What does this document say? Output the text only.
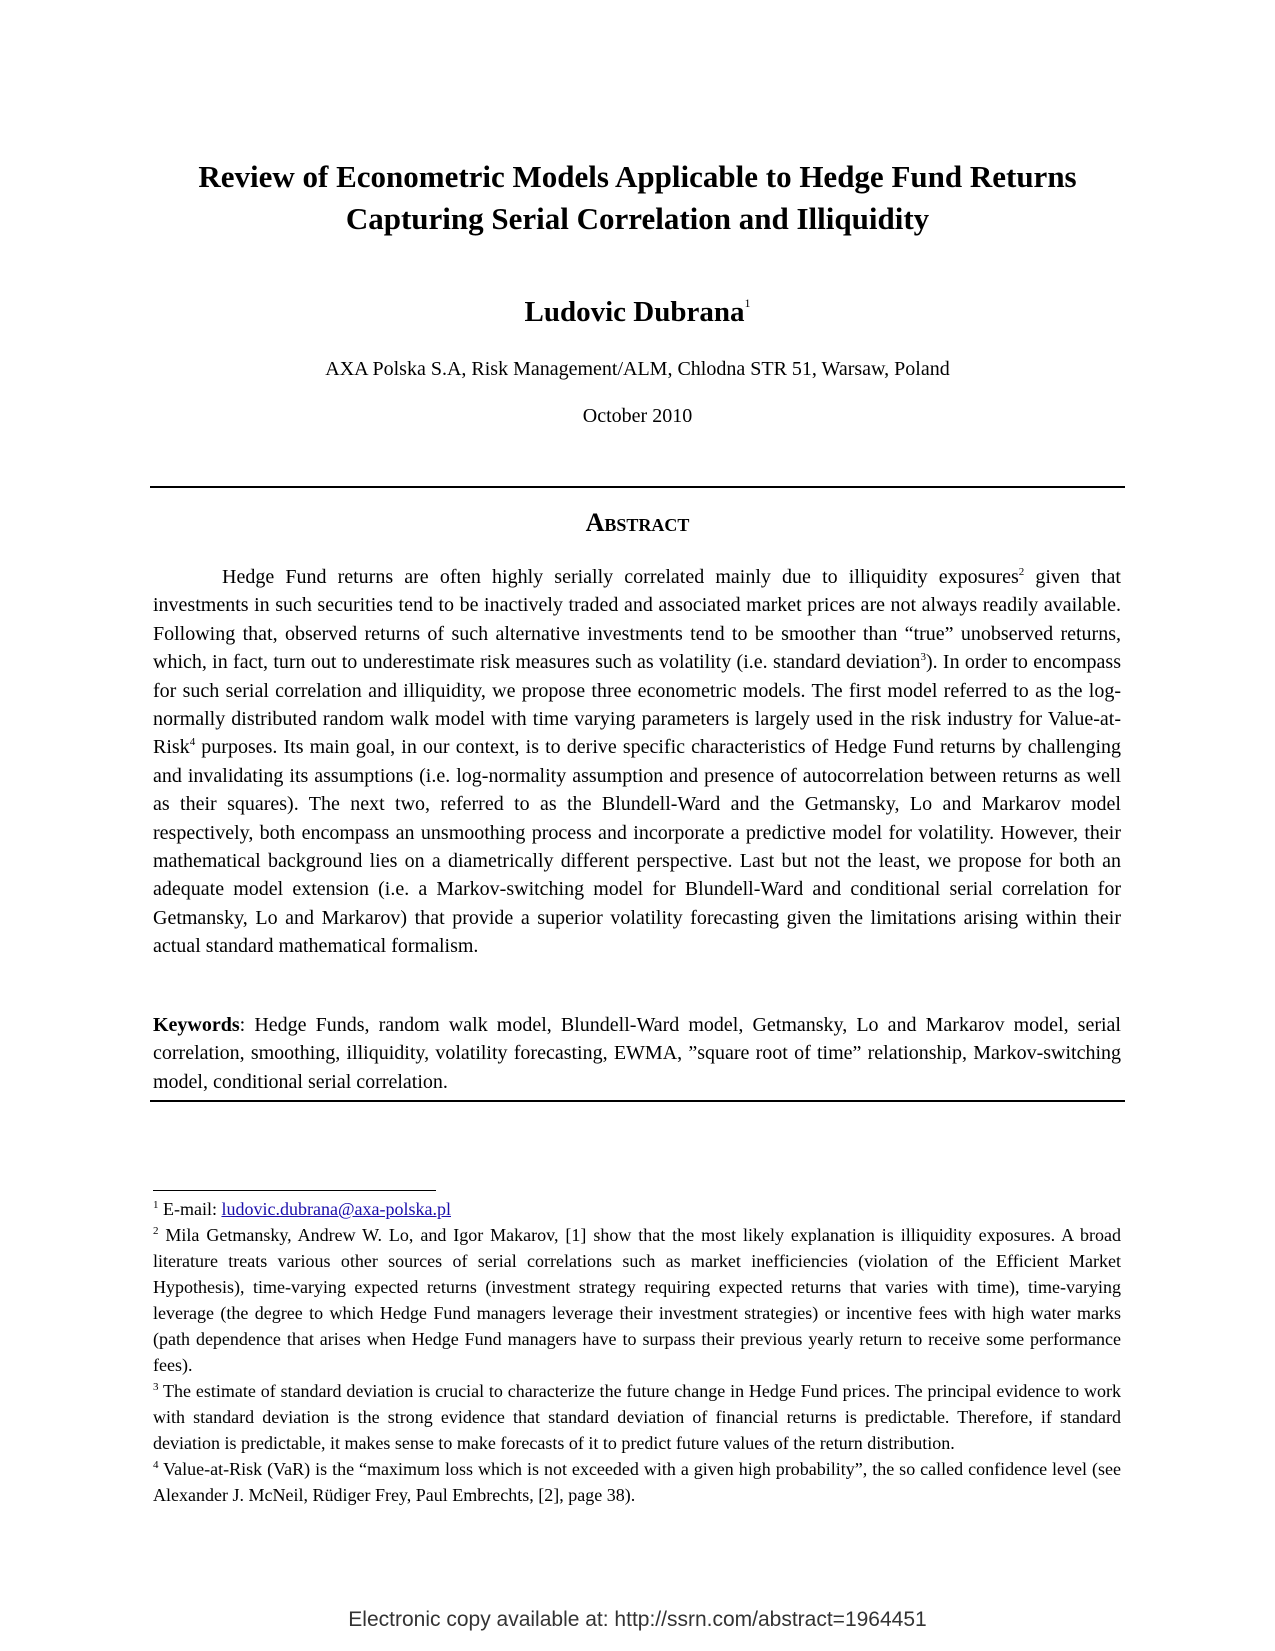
Review of Econometric Models Applicable to Hedge Fund Returns
Capturing Serial Correlation and Illiquidity
Ludovic Dubrana$^1$
AXA Polska S.A, Risk Management/ALM, Chlodna STR 51, Warsaw, Poland
October 2010
Abstract

Hedge Fund returns are often highly serially correlated mainly due to illiquidity exposures$^2$ given that investments in such securities tend to be inactively traded and associated market prices are not always readily available. Following that, observed returns of such alternative investments tend to be smoother than “true” unobserved returns, which, in fact, turn out to underestimate risk measures such as volatility (i.e. standard deviation$^3$). In order to encompass for such serial correlation and illiquidity, we propose three econometric models. The first model referred to as the log-normally distributed random walk model with time varying parameters is largely used in the risk industry for Value-at-Risk$^4$ purposes. Its main goal, in our context, is to derive specific characteristics of Hedge Fund returns by challenging and invalidating its assumptions (i.e. log-normality assumption and presence of autocorrelation between returns as well as their squares). The next two, referred to as the Blundell-Ward and the Getmansky, Lo and Markarov model respectively, both encompass an unsmoothing process and incorporate a predictive model for volatility. However, their mathematical background lies on a diametrically different perspective. Last but not the least, we propose for both an adequate model extension (i.e. a Markov-switching model for Blundell-Ward and conditional serial correlation for Getmansky, Lo and Markarov) that provide a superior volatility forecasting given the limitations arising within their actual standard mathematical formalism.

Keywords: Hedge Funds, random walk model, Blundell-Ward model, Getmansky, Lo and Markarov model, serial correlation, smoothing, illiquidity, volatility forecasting, EWMA, ”square root of time” relationship, Markov-switching model, conditional serial correlation.

$^1$ E-mail: ludovic.dubrana@axa-polska.pl

$^2$ Mila Getmansky, Andrew W. Lo, and Igor Makarov, [1] show that the most likely explanation is illiquidity exposures. A broad literature treats various other sources of serial correlations such as market inefficiencies (violation of the Efficient Market Hypothesis), time-varying expected returns (investment strategy requiring expected returns that varies with time), time-varying leverage (the degree to which Hedge Fund managers leverage their investment strategies) or incentive fees with high water marks (path dependence that arises when Hedge Fund managers have to surpass their previous yearly return to receive some performance fees).

$^3$ The estimate of standard deviation is crucial to characterize the future change in Hedge Fund prices. The principal evidence to work with standard deviation is the strong evidence that standard deviation of financial returns is predictable. Therefore, if standard deviation is predictable, it makes sense to make forecasts of it to predict future values of the return distribution.

$^4$ Value-at-Risk (VaR) is the “maximum loss which is not exceeded with a given high probability”, the so called confidence level (see Alexander J. McNeil, Rüdiger Frey, Paul Embrechts, [2], page 38).

Electronic copy available at: http://ssrn.com/abstract=1964451
